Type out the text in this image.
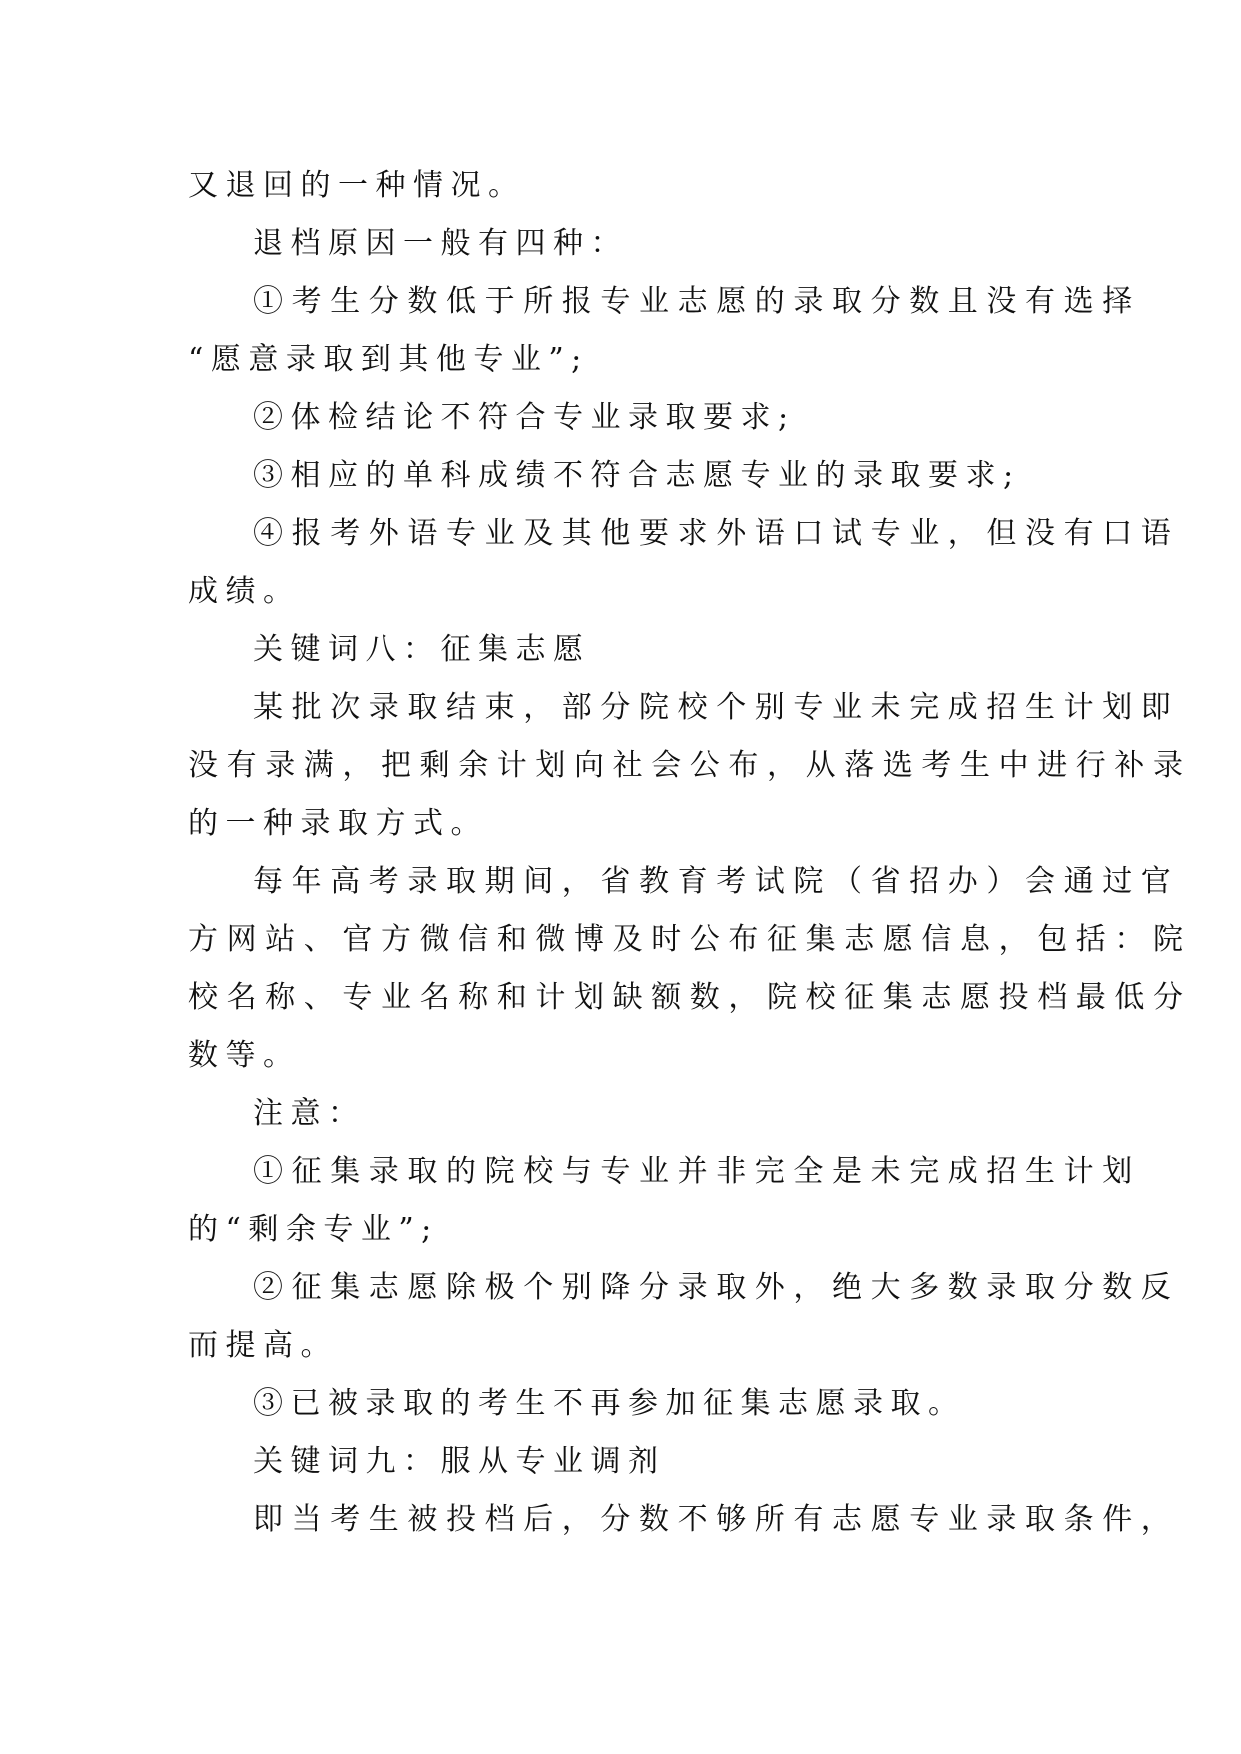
又退回的一种情况。
退档原因一般有四种：
①考生分数低于所报专业志愿的录取分数且没有选择
“愿意录取到其他专业”;
②体检结论不符合专业录取要求;
③相应的单科成绩不符合志愿专业的录取要求;
④报考外语专业及其他要求外语口试专业，但没有口语
成绩。
关键词八：征集志愿
某批次录取结束，部分院校个别专业未完成招生计划即
没有录满，把剩余计划向社会公布，从落选考生中进行补录
的一种录取方式。
每年高考录取期间，省教育考试院（省招办）会通过官
方网站、官方微信和微博及时公布征集志愿信息，包括：院
校名称、专业名称和计划缺额数，院校征集志愿投档最低分
数等。
注意：
①征集录取的院校与专业并非完全是未完成招生计划
的“剩余专业”;
②征集志愿除极个别降分录取外，绝大多数录取分数反
而提高。
③已被录取的考生不再参加征集志愿录取。
关键词九：服从专业调剂
即当考生被投档后，分数不够所有志愿专业录取条件，
